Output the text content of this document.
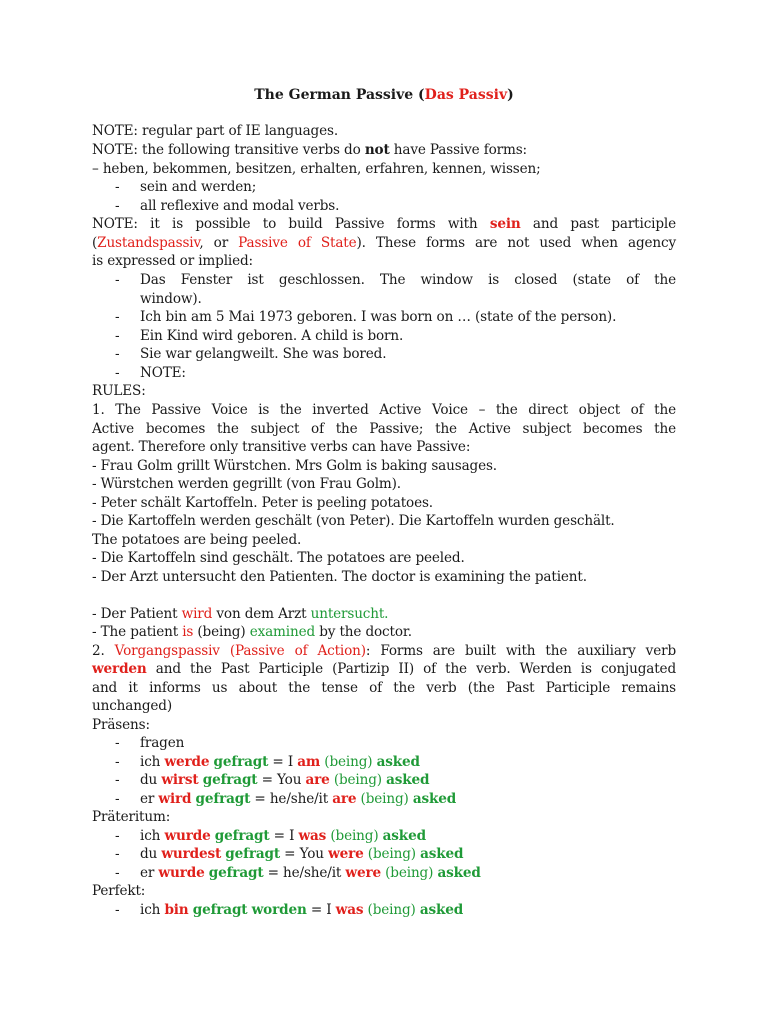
The German Passive (Das Passiv)
NOTE: regular part of IE languages.
NOTE: the following transitive verbs do not have Passive forms:
– heben, bekommen, besitzen, erhalten, erfahren, kennen, wissen;
- sein and werden;
- all reflexive and modal verbs.
NOTE: it is possible to build Passive forms with sein and past participle
(Zustandspassiv, or Passive of State). These forms are not used when agency
is expressed or implied:
- Das Fenster ist geschlossen. The window is closed (state of the
window).
- Ich bin am 5 Mai 1973 geboren. I was born on … (state of the person).
- Ein Kind wird geboren. A child is born.
- Sie war gelangweilt. She was bored.
- NOTE:
RULES:
1. The Passive Voice is the inverted Active Voice – the direct object of the
Active becomes the subject of the Passive; the Active subject becomes the
agent. Therefore only transitive verbs can have Passive:
- Frau Golm grillt Würstchen. Mrs Golm is baking sausages.
- Würstchen werden gegrillt (von Frau Golm).
- Peter schält Kartoffeln. Peter is peeling potatoes.
- Die Kartoffeln werden geschält (von Peter). Die Kartoffeln wurden geschält.
The potatoes are being peeled.
- Die Kartoffeln sind geschält. The potatoes are peeled.
- Der Arzt untersucht den Patienten. The doctor is examining the patient.
- Der Patient wird von dem Arzt untersucht.
- The patient is (being) examined by the doctor.
2. Vorgangspassiv (Passive of Action): Forms are built with the auxiliary verb
werden and the Past Participle (Partizip II) of the verb. Werden is conjugated
and it informs us about the tense of the verb (the Past Participle remains
unchanged)
Präsens:
- fragen
- ich werde gefragt = I am (being) asked
- du wirst gefragt = You are (being) asked
- er wird gefragt = he/she/it are (being) asked
Präteritum:
- ich wurde gefragt = I was (being) asked
- du wurdest gefragt = You were (being) asked
- er wurde gefragt = he/she/it were (being) asked
Perfekt:
- ich bin gefragt worden = I was (being) asked
